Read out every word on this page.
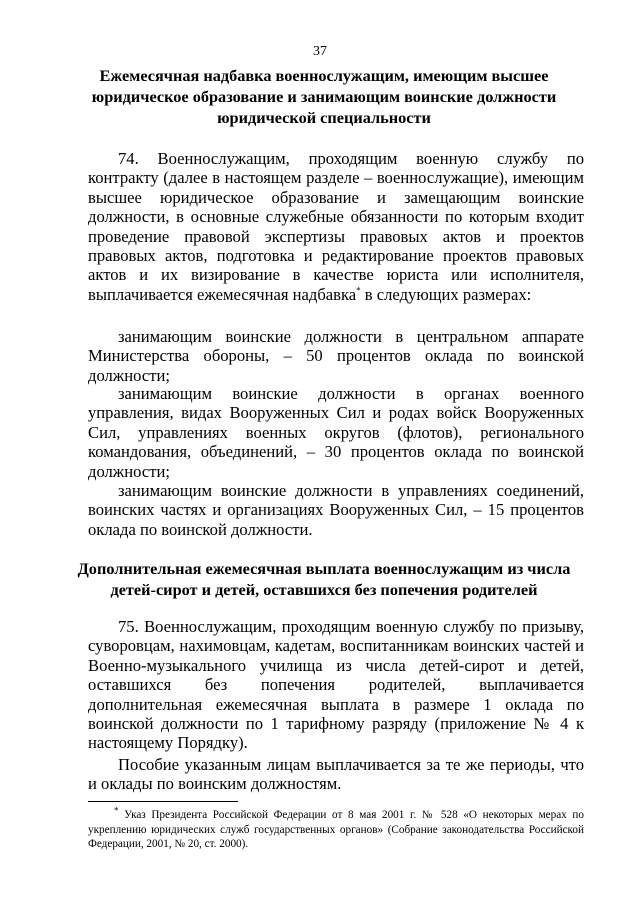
37
Ежемесячная надбавка военнослужащим, имеющим высшее юридическое образование и занимающим воинские должности юридической специальности
74. Военнослужащим, проходящим военную службу по контракту (далее в настоящем разделе – военнослужащие), имеющим высшее юридическое образование и замещающим воинские должности, в основные служебные обязанности по которым входит проведение правовой экспертизы правовых актов и проектов правовых актов, подготовка и редактирование проектов правовых актов и их визирование в качестве юриста или исполнителя, выплачивается ежемесячная надбавка* в следующих размерах:
занимающим воинские должности в центральном аппарате Министерства обороны, – 50 процентов оклада по воинской должности;
занимающим воинские должности в органах военного управления, видах Вооруженных Сил и родах войск Вооруженных Сил, управлениях военных округов (флотов), регионального командования, объединений, – 30 процентов оклада по воинской должности;
занимающим воинские должности в управлениях соединений, воинских частях и организациях Вооруженных Сил, – 15 процентов оклада по воинской должности.
Дополнительная ежемесячная выплата военнослужащим из числа детей-сирот и детей, оставшихся без попечения родителей
75. Военнослужащим, проходящим военную службу по призыву, суворовцам, нахимовцам, кадетам, воспитанникам воинских частей и Военно-музыкального училища из числа детей-сирот и детей, оставшихся без попечения родителей, выплачивается дополнительная ежемесячная выплата в размере 1 оклада по воинской должности по 1 тарифному разряду (приложение № 4 к настоящему Порядку).
Пособие указанным лицам выплачивается за те же периоды, что и оклады по воинским должностям.
* Указ Президента Российской Федерации от 8 мая 2001 г. № 528 «О некоторых мерах по укреплению юридических служб государственных органов» (Собрание законодательства Российской Федерации, 2001, № 20, ст. 2000).
